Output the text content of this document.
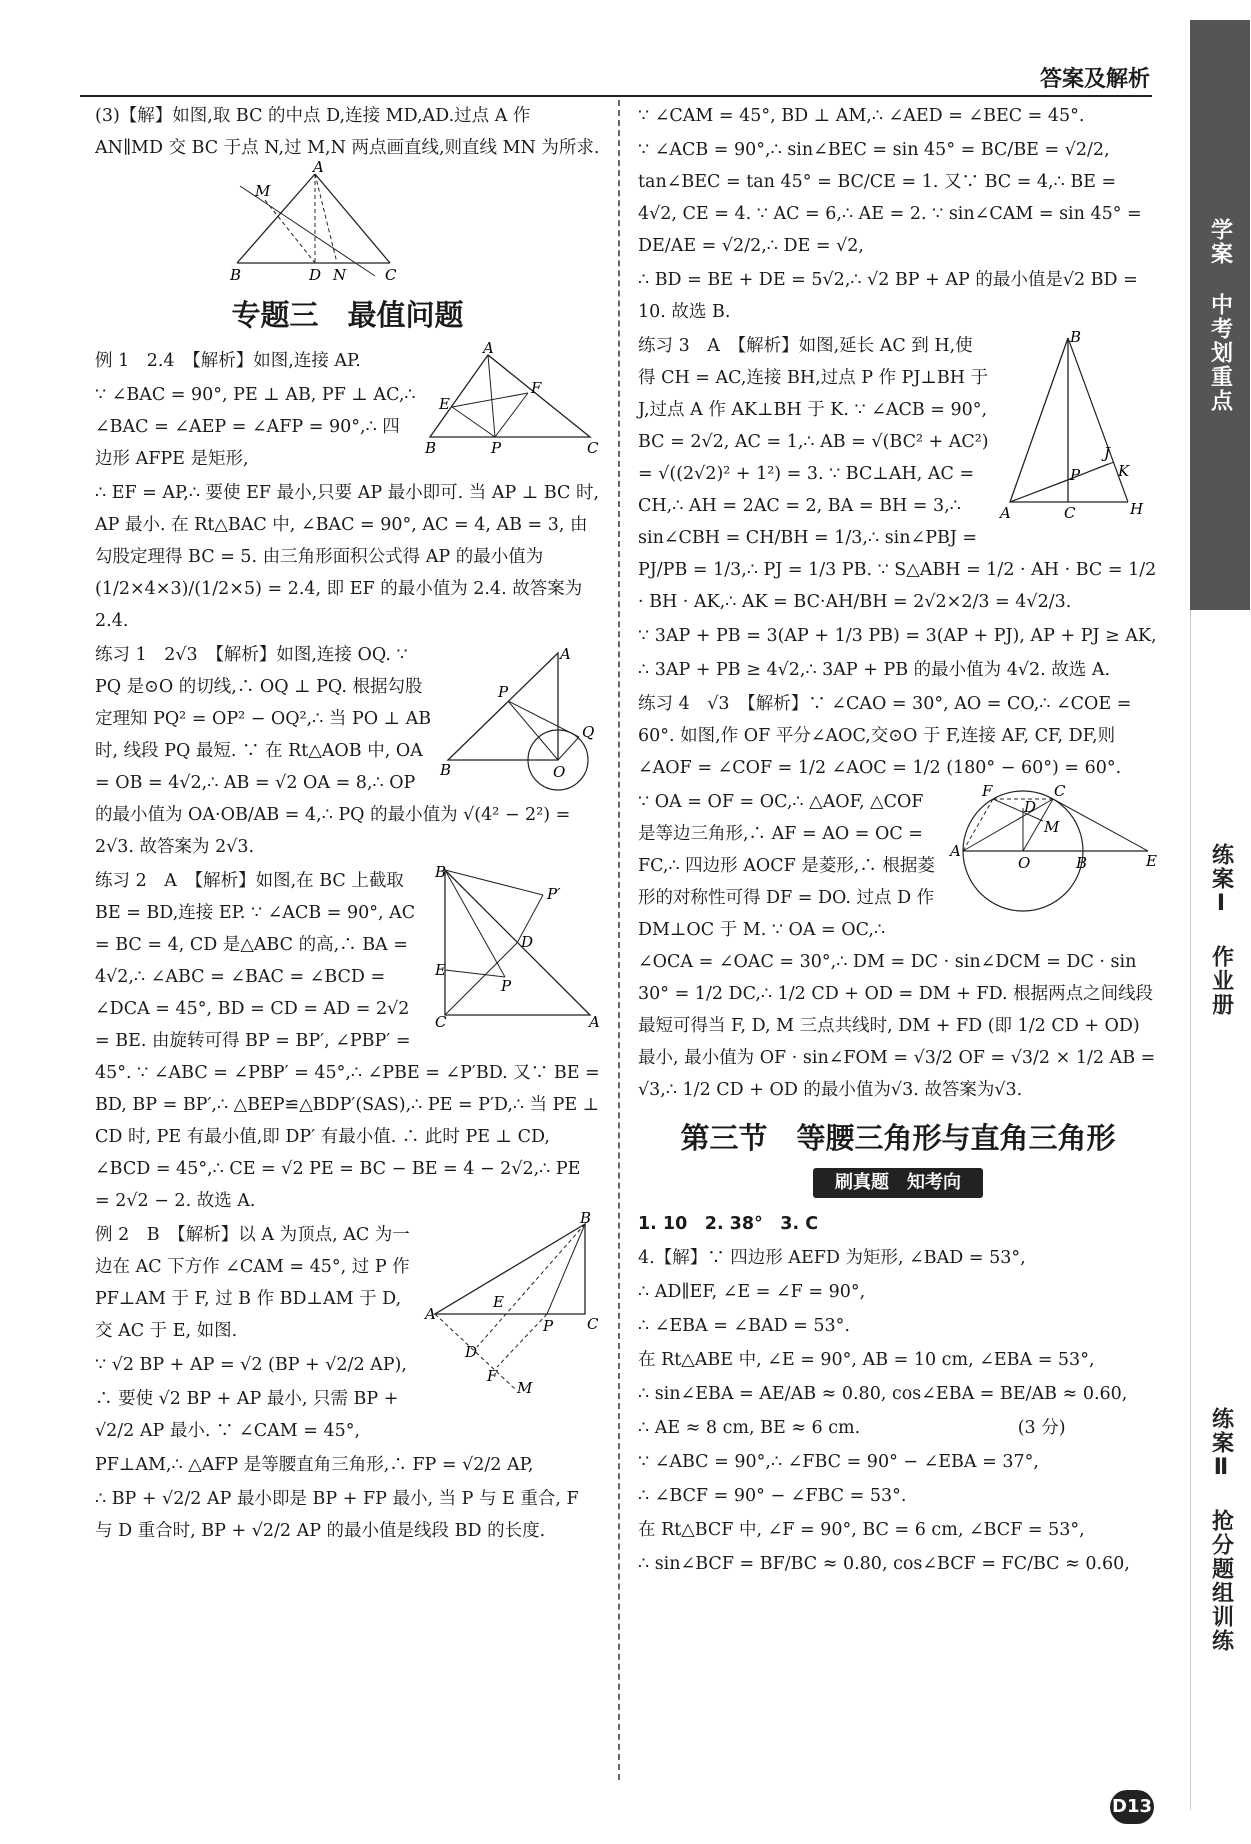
答案及解析

(3)【解】如图,取 BC 的中点 D,连接 MD,AD.过点 A 作 AN∥MD 交 BC 于点 N,过 M,N 两点画直线,则直线 MN 为所求.

A
M
B	D N	C
专题三　最值问题
A
F
E
B	P	C

例 1　2.4　【解析】如图,连接 AP.

∵ ∠BAC = 90°, PE ⊥ AB, PF ⊥ AC,∴ ∠BAC = ∠AEP = ∠AFP = 90°,∴ 四边形 AFPE 是矩形,

∴ EF = AP,∴ 要使 EF 最小,只要 AP 最小即可. 当 AP ⊥ BC 时, AP 最小. 在 Rt△BAC 中, ∠BAC = 90°, AC = 4, AB = 3, 由勾股定理得 BC = 5. 由三角形面积公式得 AP 的最小值为 (1/2×4×3)/(1/2×5) = 2.4, 即 EF 的最小值为 2.4. 故答案为 2.4.

A
P
Q
B	O

练习 1　2√3　【解析】如图,连接 OQ. ∵ PQ 是⊙O 的切线,∴ OQ ⊥ PQ. 根据勾股定理知 PQ² = OP² − OQ²,∴ 当 PO ⊥ AB 时, 线段 PQ 最短. ∵ 在 Rt△AOB 中, OA = OB = 4√2,∴ AB = √2 OA = 8,∴ OP 的最小值为 OA·OB/AB = 4,∴ PQ 的最小值为 √(4² − 2²) = 2√3. 故答案为 2√3.

B
P′
E
D
P
C	A

练习 2　A　【解析】如图,在 BC 上截取 BE = BD,连接 EP. ∵ ∠ACB = 90°, AC = BC = 4, CD 是△ABC 的高,∴ BA = 4√2,∴ ∠ABC = ∠BAC = ∠BCD = ∠DCA = 45°, BD = CD = AD = 2√2 = BE. 由旋转可得 BP = BP′, ∠PBP′ = 45°. ∵ ∠ABC = ∠PBP′ = 45°,∴ ∠PBE = ∠P′BD. 又∵ BE = BD, BP = BP′,∴ △BEP≌△BDP′(SAS),∴ PE = P′D,∴ 当 PE ⊥ CD 时, PE 有最小值,即 DP′ 有最小值. ∴ 此时 PE ⊥ CD, ∠BCD = 45°,∴ CE = √2 PE = BC − BE = 4 − 2√2,∴ PE = 2√2 − 2. 故选 A.

B
A
E
C
P
D
F
M

例 2　B　【解析】以 A 为顶点, AC 为一边在 AC 下方作 ∠CAM = 45°, 过 P 作 PF⊥AM 于 F, 过 B 作 BD⊥AM 于 D, 交 AC 于 E, 如图.

∵ √2 BP + AP = √2 (BP + √2/2 AP),

∴ 要使 √2 BP + AP 最小, 只需 BP + √2/2 AP 最小. ∵ ∠CAM = 45°,

PF⊥AM,∴ △AFP 是等腰直角三角形,∴ FP = √2/2 AP,

∴ BP + √2/2 AP 最小即是 BP + FP 最小, 当 P 与 E 重合, F 与 D 重合时, BP + √2/2 AP 的最小值是线段 BD 的长度.

∵ ∠CAM = 45°, BD ⊥ AM,∴ ∠AED = ∠BEC = 45°.

∵ ∠ACB = 90°,∴ sin∠BEC = sin 45° = BC/BE = √2/2, tan∠BEC = tan 45° = BC/CE = 1. 又∵ BC = 4,∴ BE = 4√2, CE = 4. ∵ AC = 6,∴ AE = 2. ∵ sin∠CAM = sin 45° = DE/AE = √2/2,∴ DE = √2,

∴ BD = BE + DE = 5√2,∴ √2 BP + AP 的最小值是√2 BD = 10. 故选 B.

B
P
J
K
A	C	H

练习 3　A　【解析】如图,延长 AC 到 H,使得 CH = AC,连接 BH,过点 P 作 PJ⊥BH 于 J,过点 A 作 AK⊥BH 于 K. ∵ ∠ACB = 90°, BC = 2√2, AC = 1,∴ AB = √(BC² + AC²) = √((2√2)² + 1²) = 3. ∵ BC⊥AH, AC = CH,∴ AH = 2AC = 2, BA = BH = 3,∴ sin∠CBH = CH/BH = 1/3,∴ sin∠PBJ = PJ/PB = 1/3,∴ PJ = 1/3 PB. ∵ S△ABH = 1/2 · AH · BC = 1/2 · BH · AK,∴ AK = BC·AH/BH = 2√2×2/3 = 4√2/3.

∵ 3AP + PB = 3(AP + 1/3 PB) = 3(AP + PJ), AP + PJ ≥ AK,

∴ 3AP + PB ≥ 4√2,∴ 3AP + PB 的最小值为 4√2. 故选 A.

练习 4　√3　【解析】∵ ∠CAO = 30°, AO = CO,∴ ∠COE = 60°. 如图,作 OF 平分∠AOC,交⊙O 于 F,连接 AF, CF, DF,则 ∠AOF = ∠COF = 1/2 ∠AOC = 1/2 (180° − 60°) = 60°.

F	C
D
M
A
O	B	E

∵ OA = OF = OC,∴ △AOF, △COF 是等边三角形,∴ AF = AO = OC = FC,∴ 四边形 AOCF 是菱形,∴ 根据菱形的对称性可得 DF = DO. 过点 D 作 DM⊥OC 于 M. ∵ OA = OC,∴ ∠OCA = ∠OAC = 30°,∴ DM = DC · sin∠DCM = DC · sin 30° = 1/2 DC,∴ 1/2 CD + OD = DM + FD. 根据两点之间线段最短可得当 F, D, M 三点共线时, DM + FD (即 1/2 CD + OD) 最小, 最小值为 OF · sin∠FOM = √3/2 OF = √3/2 × 1/2 AB = √3,∴ 1/2 CD + OD 的最小值为√3. 故答案为√3.

第三节　等腰三角形与直角三角形
刷真题　知考向

1. 10　2. 38°　3. C

4.【解】∵ 四边形 AEFD 为矩形, ∠BAD = 53°,

∴ AD∥EF, ∠E = ∠F = 90°,

∴ ∠EBA = ∠BAD = 53°.

在 Rt△ABE 中, ∠E = 90°, AB = 10 cm, ∠EBA = 53°,

∴ sin∠EBA = AE/AB ≈ 0.80, cos∠EBA = BE/AB ≈ 0.60,

∴ AE ≈ 8 cm, BE ≈ 6 cm.　　　　　　　　　(3 分)

∵ ∠ABC = 90°,∴ ∠FBC = 90° − ∠EBA = 37°,

∴ ∠BCF = 90° − ∠FBC = 53°.

在 Rt△BCF 中, ∠F = 90°, BC = 6 cm, ∠BCF = 53°,

∴ sin∠BCF = BF/BC ≈ 0.80, cos∠BCF = FC/BC ≈ 0.60,

学案 中考划重点
练案Ⅰ 作业册
练案Ⅱ 抢分题组训练
D13
